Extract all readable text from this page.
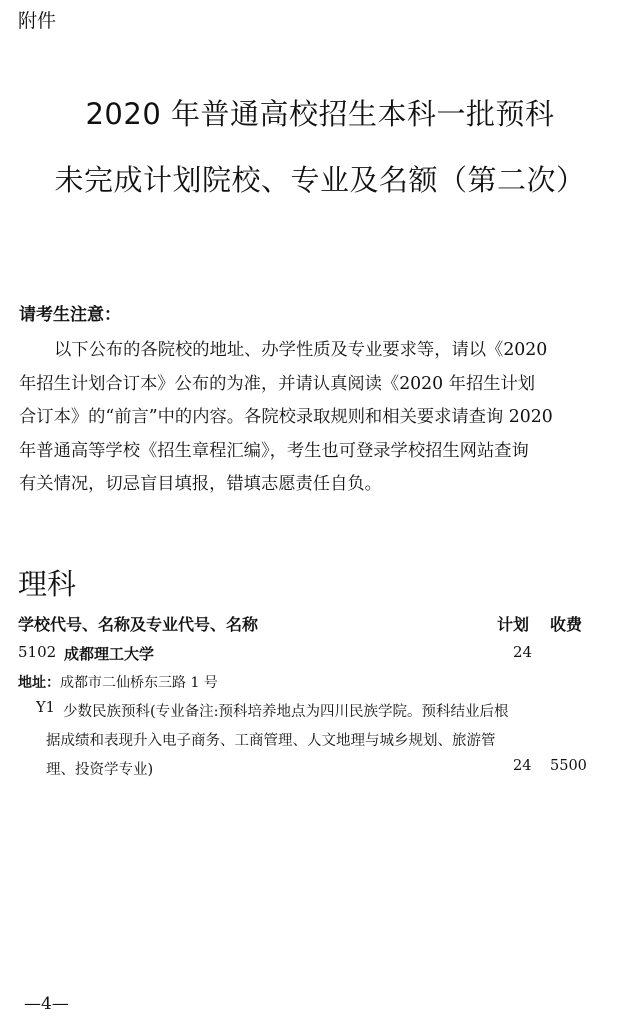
附件
2020 年普通高校招生本科一批预科
未完成计划院校、专业及名额（第二次）
请考生注意：
以下公布的各院校的地址、办学性质及专业要求等，请以《2020
年招生计划合订本》公布的为准，并请认真阅读《2020 年招生计划
合订本》的“前言”中的内容。各院校录取规则和相关要求请查询 2020
年普通高等学校《招生章程汇编》，考生也可登录学校招生网站查询
有关情况，切忌盲目填报，错填志愿责任自负。
理科
学校代号、名称及专业代号、名称	计划 收费
5102 成都理工大学	24
地址：成都市二仙桥东三路 1 号
Y1 少数民族预科(专业备注:预科培养地点为四川民族学院。预科结业后根
据成绩和表现升入电子商务、工商管理、人文地理与城乡规划、旅游管
理、投资学专业)	24 5500
—4—
